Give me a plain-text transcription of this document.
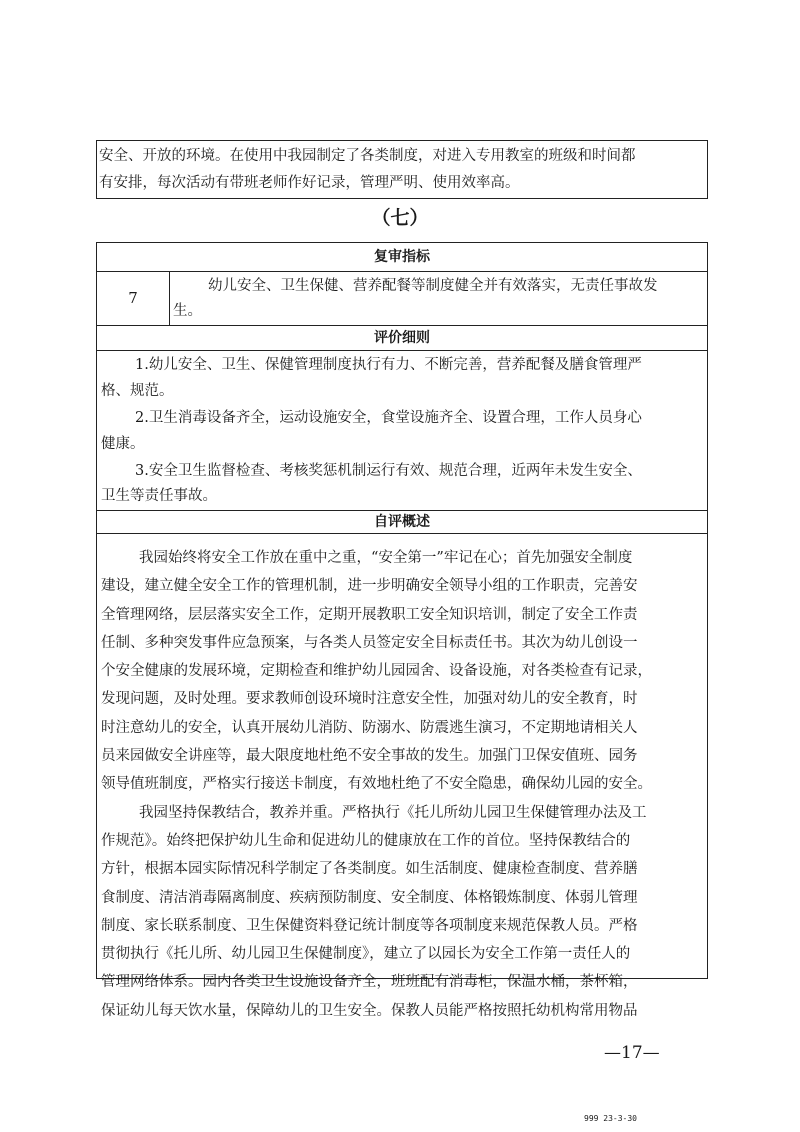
安全、开放的环境。在使用中我园制定了各类制度，对进入专用教室的班级和时间都
有安排，每次活动有带班老师作好记录，管理严明、使用效率高。
（七）
复审指标
7
幼儿安全、卫生保健、营养配餐等制度健全并有效落实，无责任事故发
生。
评价细则
1.幼儿安全、卫生、保健管理制度执行有力、不断完善，营养配餐及膳食管理严
格、规范。
2.卫生消毒设备齐全，运动设施安全，食堂设施齐全、设置合理，工作人员身心
健康。
3.安全卫生监督检查、考核奖惩机制运行有效、规范合理，近两年未发生安全、
卫生等责任事故。
自评概述
我园始终将安全工作放在重中之重，“安全第一”牢记在心；首先加强安全制度
建设，建立健全安全工作的管理机制，进一步明确安全领导小组的工作职责，完善安
全管理网络，层层落实安全工作，定期开展教职工安全知识培训，制定了安全工作责
任制、多种突发事件应急预案，与各类人员签定安全目标责任书。其次为幼儿创设一
个安全健康的发展环境，定期检查和维护幼儿园园舍、设备设施，对各类检查有记录，
发现问题，及时处理。要求教师创设环境时注意安全性，加强对幼儿的安全教育，时
时注意幼儿的安全，认真开展幼儿消防、防溺水、防震逃生演习，不定期地请相关人
员来园做安全讲座等，最大限度地杜绝不安全事故的发生。加强门卫保安值班、园务
领导值班制度，严格实行接送卡制度，有效地杜绝了不安全隐患，确保幼儿园的安全。
我园坚持保教结合，教养并重。严格执行《托儿所幼儿园卫生保健管理办法及工
作规范》。始终把保护幼儿生命和促进幼儿的健康放在工作的首位。坚持保教结合的
方针，根据本园实际情况科学制定了各类制度。如生活制度、健康检查制度、营养膳
食制度、清洁消毒隔离制度、疾病预防制度、安全制度、体格锻炼制度、体弱儿管理
制度、家长联系制度、卫生保健资料登记统计制度等各项制度来规范保教人员。严格
贯彻执行《托儿所、幼儿园卫生保健制度》，建立了以园长为安全工作第一责任人的
管理网络体系。园内各类卫生设施设备齐全，班班配有消毒柜，保温水桶，茶杯箱，
保证幼儿每天饮水量，保障幼儿的卫生安全。保教人员能严格按照托幼机构常用物品
—17—
999 23-3-30
